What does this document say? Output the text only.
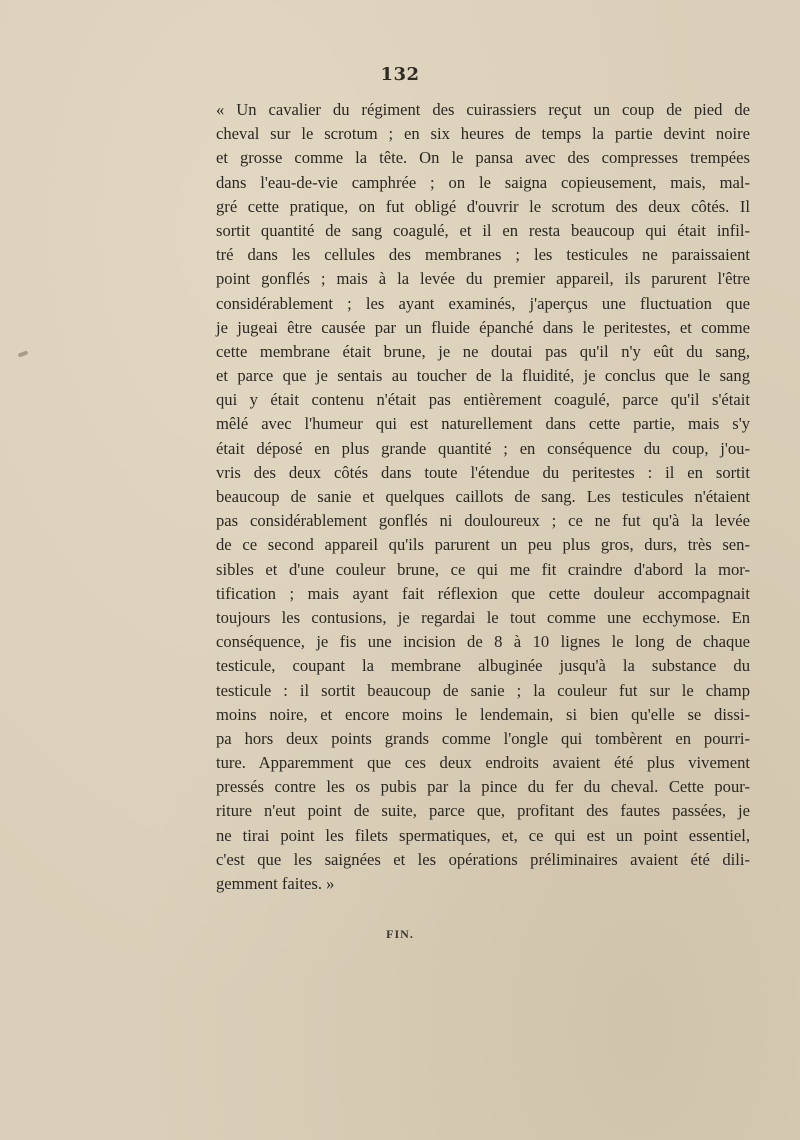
132
« Un cavalier du régiment des cuirassiers reçut un coup de pied de
cheval sur le scrotum ; en six heures de temps la partie devint noire
et grosse comme la tête. On le pansa avec des compresses trempées
dans l'eau-de-vie camphrée ; on le saigna copieusement, mais, mal-
gré cette pratique, on fut obligé d'ouvrir le scrotum des deux côtés. Il
sortit quantité de sang coagulé, et il en resta beaucoup qui était infil-
tré dans les cellules des membranes ; les testicules ne paraissaient
point gonflés ; mais à la levée du premier appareil, ils parurent l'être
considérablement ; les ayant examinés, j'aperçus une fluctuation que
je jugeai être causée par un fluide épanché dans le peritestes, et comme
cette membrane était brune, je ne doutai pas qu'il n'y eût du sang,
et parce que je sentais au toucher de la fluidité, je conclus que le sang
qui y était contenu n'était pas entièrement coagulé, parce qu'il s'était
mêlé avec l'humeur qui est naturellement dans cette partie, mais s'y
était déposé en plus grande quantité ; en conséquence du coup, j'ou-
vris des deux côtés dans toute l'étendue du peritestes : il en sortit
beaucoup de sanie et quelques caillots de sang. Les testicules n'étaient
pas considérablement gonflés ni douloureux ; ce ne fut qu'à la levée
de ce second appareil qu'ils parurent un peu plus gros, durs, très sen-
sibles et d'une couleur brune, ce qui me fit craindre d'abord la mor-
tification ; mais ayant fait réflexion que cette douleur accompagnait
toujours les contusions, je regardai le tout comme une ecchymose. En
conséquence, je fis une incision de 8 à 10 lignes le long de chaque
testicule, coupant la membrane albuginée jusqu'à la substance du
testicule : il sortit beaucoup de sanie ; la couleur fut sur le champ
moins noire, et encore moins le lendemain, si bien qu'elle se dissi-
pa hors deux points grands comme l'ongle qui tombèrent en pourri-
ture. Apparemment que ces deux endroits avaient été plus vivement
pressés contre les os pubis par la pince du fer du cheval. Cette pour-
riture n'eut point de suite, parce que, profitant des fautes passées, je
ne tirai point les filets spermatiques, et, ce qui est un point essentiel,
c'est que les saignées et les opérations préliminaires avaient été dili-
gemment faites. »
FIN.
